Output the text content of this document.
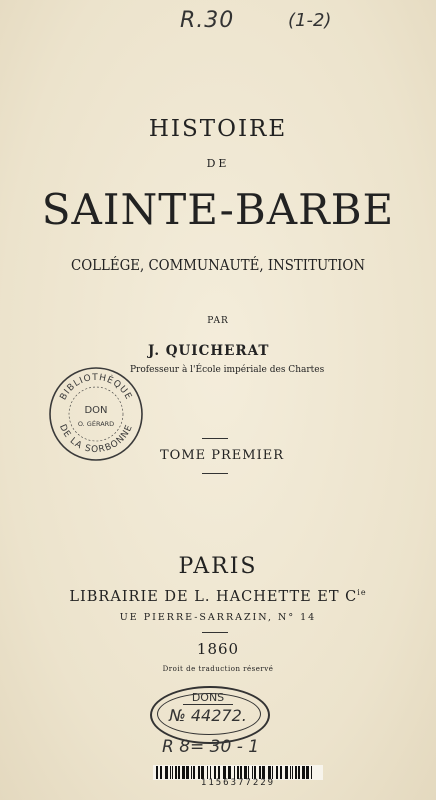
R.30	(1-2)
HISTOIRE
DE
SAINTE-BARBE
COLLÉGE, COMMUNAUTÉ, INSTITUTION
PAR
J. QUICHERAT
Professeur à l'École impériale des Chartes
BIBLIOTHÈQUE
DE LA SORBONNE
DON
O. GÉRARD
TOME PREMIER
PARIS
LIBRAIRIE DE L. HACHETTE ET $C^{ie}$
UE PIERRE-SARRAZIN, N° 14
1860
Droit de traduction réservé
DONS
№ 44272.
R 8= 30 - 1
1156377229
